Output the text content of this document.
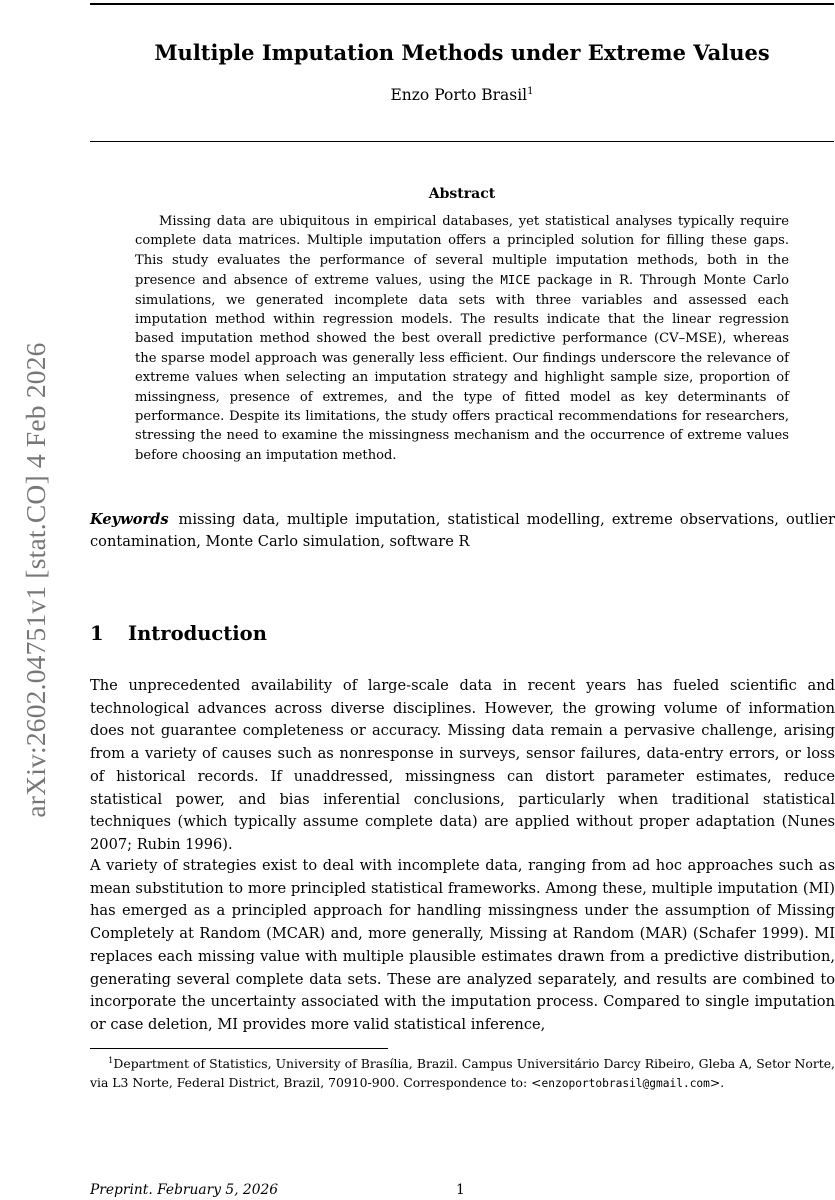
arXiv:2602.04751v1 [stat.CO] 4 Feb 2026
Multiple Imputation Methods under Extreme Values
Enzo Porto Brasil$^1$
Abstract
Missing data are ubiquitous in empirical databases, yet statistical analyses typically require complete data matrices. Multiple imputation offers a principled solution for filling these gaps. This study evaluates the performance of several multiple imputation methods, both in the presence and absence of extreme values, using the MICE package in R. Through Monte Carlo simulations, we generated incomplete data sets with three variables and assessed each imputation method within regression models. The results indicate that the linear regression based imputation method showed the best overall predictive performance (CV–MSE), whereas the sparse model approach was generally less efficient. Our findings underscore the relevance of extreme values when selecting an imputation strategy and highlight sample size, proportion of missingness, presence of extremes, and the type of fitted model as key determinants of performance. Despite its limitations, the study offers practical recommendations for researchers, stressing the need to examine the missingness mechanism and the occurrence of extreme values before choosing an imputation method.
Keywords missing data, multiple imputation, statistical modelling, extreme observations, outlier contamination, Monte Carlo simulation, software R
1 Introduction
The unprecedented availability of large-scale data in recent years has fueled scientific and technological advances across diverse disciplines. However, the growing volume of information does not guarantee completeness or accuracy. Missing data remain a pervasive challenge, arising from a variety of causes such as nonresponse in surveys, sensor failures, data-entry errors, or loss of historical records. If unaddressed, missingness can distort parameter estimates, reduce statistical power, and bias inferential conclusions, particularly when traditional statistical techniques (which typically assume complete data) are applied without proper adaptation (Nunes 2007; Rubin 1996).
A variety of strategies exist to deal with incomplete data, ranging from ad hoc approaches such as mean substitution to more principled statistical frameworks. Among these, multiple imputation (MI) has emerged as a principled approach for handling missingness under the assumption of Missing Completely at Random (MCAR) and, more generally, Missing at Random (MAR) (Schafer 1999). MI replaces each missing value with multiple plausible estimates drawn from a predictive distribution, generating several complete data sets. These are analyzed separately, and results are combined to incorporate the uncertainty associated with the imputation process. Compared to single imputation or case deletion, MI provides more valid statistical inference,
$^1$Department of Statistics, University of Brasília, Brazil. Campus Universitário Darcy Ribeiro, Gleba A, Setor Norte, via L3 Norte, Federal District, Brazil, 70910-900. Correspondence to: <enzoportobrasil@gmail.com>.
Preprint. February 5, 2026	1
